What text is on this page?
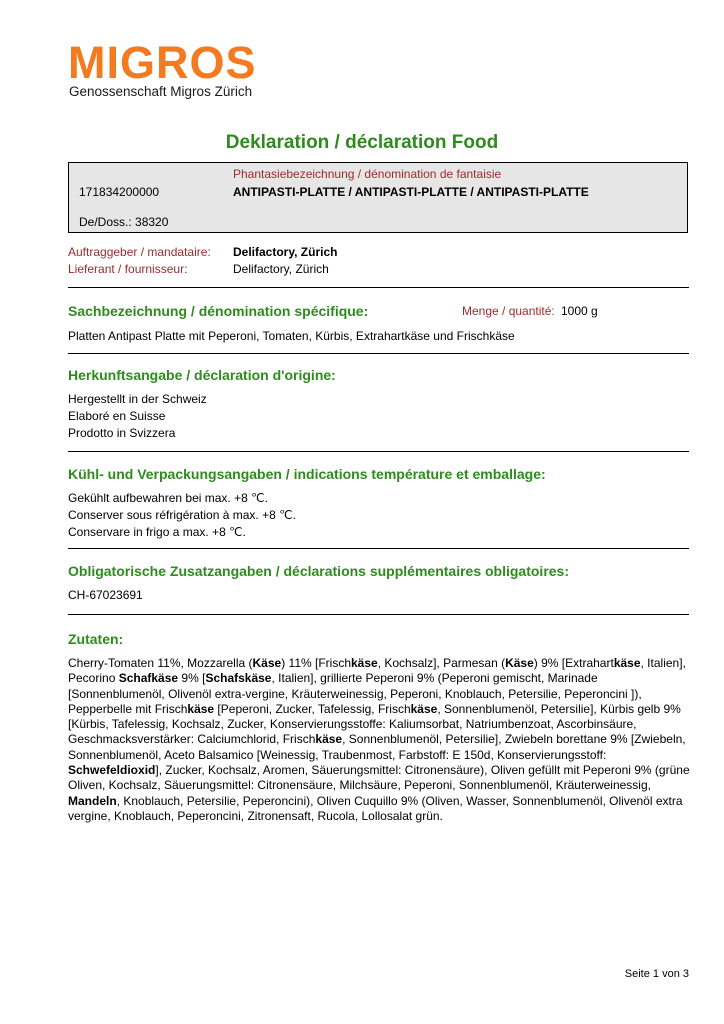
MIGROS
Genossenschaft Migros Zürich
Deklaration / déclaration Food
Phantasiebezeichnung / dénomination de fantaisie
171834200000	ANTIPASTI-PLATTE / ANTIPASTI-PLATTE / ANTIPASTI-PLATTE
De/Doss.: 38320
Auftraggeber / mandataire: Delifactory, Zürich
Lieferant / fournisseur:	Delifactory, Zürich
Sachbezeichnung / dénomination spécifique:	Menge / quantité: 1000 g
Platten Antipast Platte mit Peperoni, Tomaten, Kürbis, Extrahartkäse und Frischkäse
Herkunftsangabe / déclaration d'origine:
Hergestellt in der Schweiz
Elaboré en Suisse
Prodotto in Svizzera
Kühl- und Verpackungsangaben / indications température et emballage:
Gekühlt aufbewahren bei max. +8 ℃.
Conserver sous réfrigération à max. +8 ℃.
Conservare in frigo a max. +8 ℃.
Obligatorische Zusatzangaben / déclarations supplémentaires obligatoires:
CH-67023691
Zutaten:
Cherry-Tomaten 11%, Mozzarella (Käse) 11% [Frischkäse, Kochsalz], Parmesan (Käse) 9% [Extrahartkäse, Italien], Pecorino Schafkäse 9% [Schafskäse, Italien], grillierte Peperoni 9% (Peperoni gemischt, Marinade [Sonnenblumenöl, Olivenöl extra-vergine, Kräuterweinessig, Peperoni, Knoblauch, Petersilie, Peperoncini ]), Pepperbelle mit Frischkäse [Peperoni, Zucker, Tafelessig, Frischkäse, Sonnenblumenöl, Petersilie], Kürbis gelb 9% [Kürbis, Tafelessig, Kochsalz, Zucker, Konservierungsstoffe: Kaliumsorbat, Natriumbenzoat, Ascorbinsäure, Geschmacksverstärker: Calciumchlorid, Frischkäse, Sonnenblumenöl, Petersilie], Zwiebeln borettane 9% [Zwiebeln, Sonnenblumenöl, Aceto Balsamico [Weinessig, Traubenmost, Farbstoff: E 150d, Konservierungsstoff: Schwefeldioxid], Zucker, Kochsalz, Aromen, Säuerungsmittel: Citronensäure), Oliven gefüllt mit Peperoni 9% (grüne Oliven, Kochsalz, Säuerungsmittel: Citronensäure, Milchsäure, Peperoni, Sonnenblumenöl, Kräuterweinessig, Mandeln, Knoblauch, Petersilie, Peperoncini), Oliven Cuquillo 9% (Oliven, Wasser, Sonnenblumenöl, Olivenöl extra vergine, Knoblauch, Peperoncini, Zitronensaft, Rucola, Lollosalat grün.
Seite 1 von 3
